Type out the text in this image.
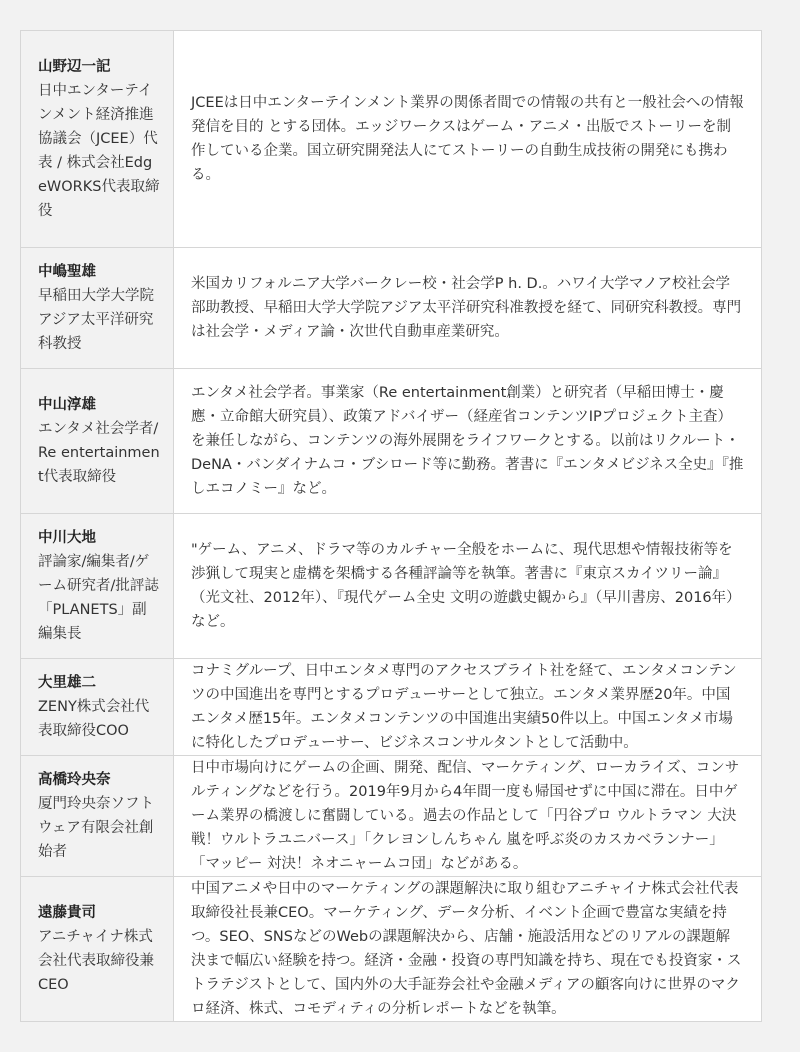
山野辺一記
日中エンターテインメント経済推進協議会（JCEE）代表 / 株式会社EdgeWORKS代表取締役	JCEEは日中エンターテインメント業界の関係者間での情報の共有と一般社会への情報発信を目的 とする団体。エッジワークスはゲーム・アニメ・出版でストーリーを制作している企業。国立研究開発法人にてストーリーの自動生成技術の開発にも携わる。

中嶋聖雄
早稲田大学大学院アジア太平洋研究科教授	米国カリフォルニア大学バークレー校・社会学P h. D.。ハワイ大学マノア校社会学部助教授、早稲田大学大学院アジア太平洋研究科准教授を経て、同研究科教授。専門は社会学・メディア論・次世代自動車産業研究。

中山淳雄
エンタメ社会学者/Re entertainment代表取締役	エンタメ社会学者。事業家（Re entertainment創業）と研究者（早稲田博士・慶應・立命館大研究員）、政策アドバイザー（経産省コンテンツIPプロジェクト主査）を兼任しながら、コンテンツの海外展開をライフワークとする。以前はリクルート・DeNA・バンダイナムコ・ブシロード等に勤務。著書に『エンタメビジネス全史』『推しエコノミー』など。

中川大地
評論家/編集者/ゲーム研究者/批評誌「PLANETS」副編集長	"ゲーム、アニメ、ドラマ等のカルチャー全般をホームに、現代思想や情報技術等を渉猟して現実と虚構を架橋する各種評論等を執筆。著書に『東京スカイツリー論』（光文社、2012年）、『現代ゲーム全史 文明の遊戯史観から』（早川書房、2016年）など。

大里雄二
ZENY株式会社代表取締役COO	コナミグループ、日中エンタメ専門のアクセスブライト社を経て、エンタメコンテンツの中国進出を専門とするプロデューサーとして独立。エンタメ業界歴20年。中国エンタメ歴15年。エンタメコンテンツの中国進出実績50件以上。中国エンタメ市場に特化したプロデューサー、ビジネスコンサルタントとして活動中。

高橋玲央奈
厦門玲央奈ソフトウェア有限会社創始者	日中市場向けにゲームの企画、開発、配信、マーケティング、ローカライズ、コンサルティングなどを行う。2019年9月から4年間一度も帰国せずに中国に滞在。日中ゲーム業界の橋渡しに奮闘している。過去の作品として「円谷プロ ウルトラマン 大決戦！ウルトラユニバース」「クレヨンしんちゃん 嵐を呼ぶ炎のカスカベランナー」「マッピー 対決！ネオニャームコ団」などがある。

遠藤貴司
アニチャイナ株式会社代表取締役兼CEO	中国アニメや日中のマーケティングの課題解決に取り組むアニチャイナ株式会社代表取締役社長兼CEO。マーケティング、データ分析、イベント企画で豊富な実績を持つ。SEO、SNSなどのWebの課題解決から、店舗・施設活用などのリアルの課題解決まで幅広い経験を持つ。経済・金融・投資の専門知識を持ち、現在でも投資家・ストラテジストとして、国内外の大手証券会社や金融メディアの顧客向けに世界のマクロ経済、株式、コモディティの分析レポートなどを執筆。
